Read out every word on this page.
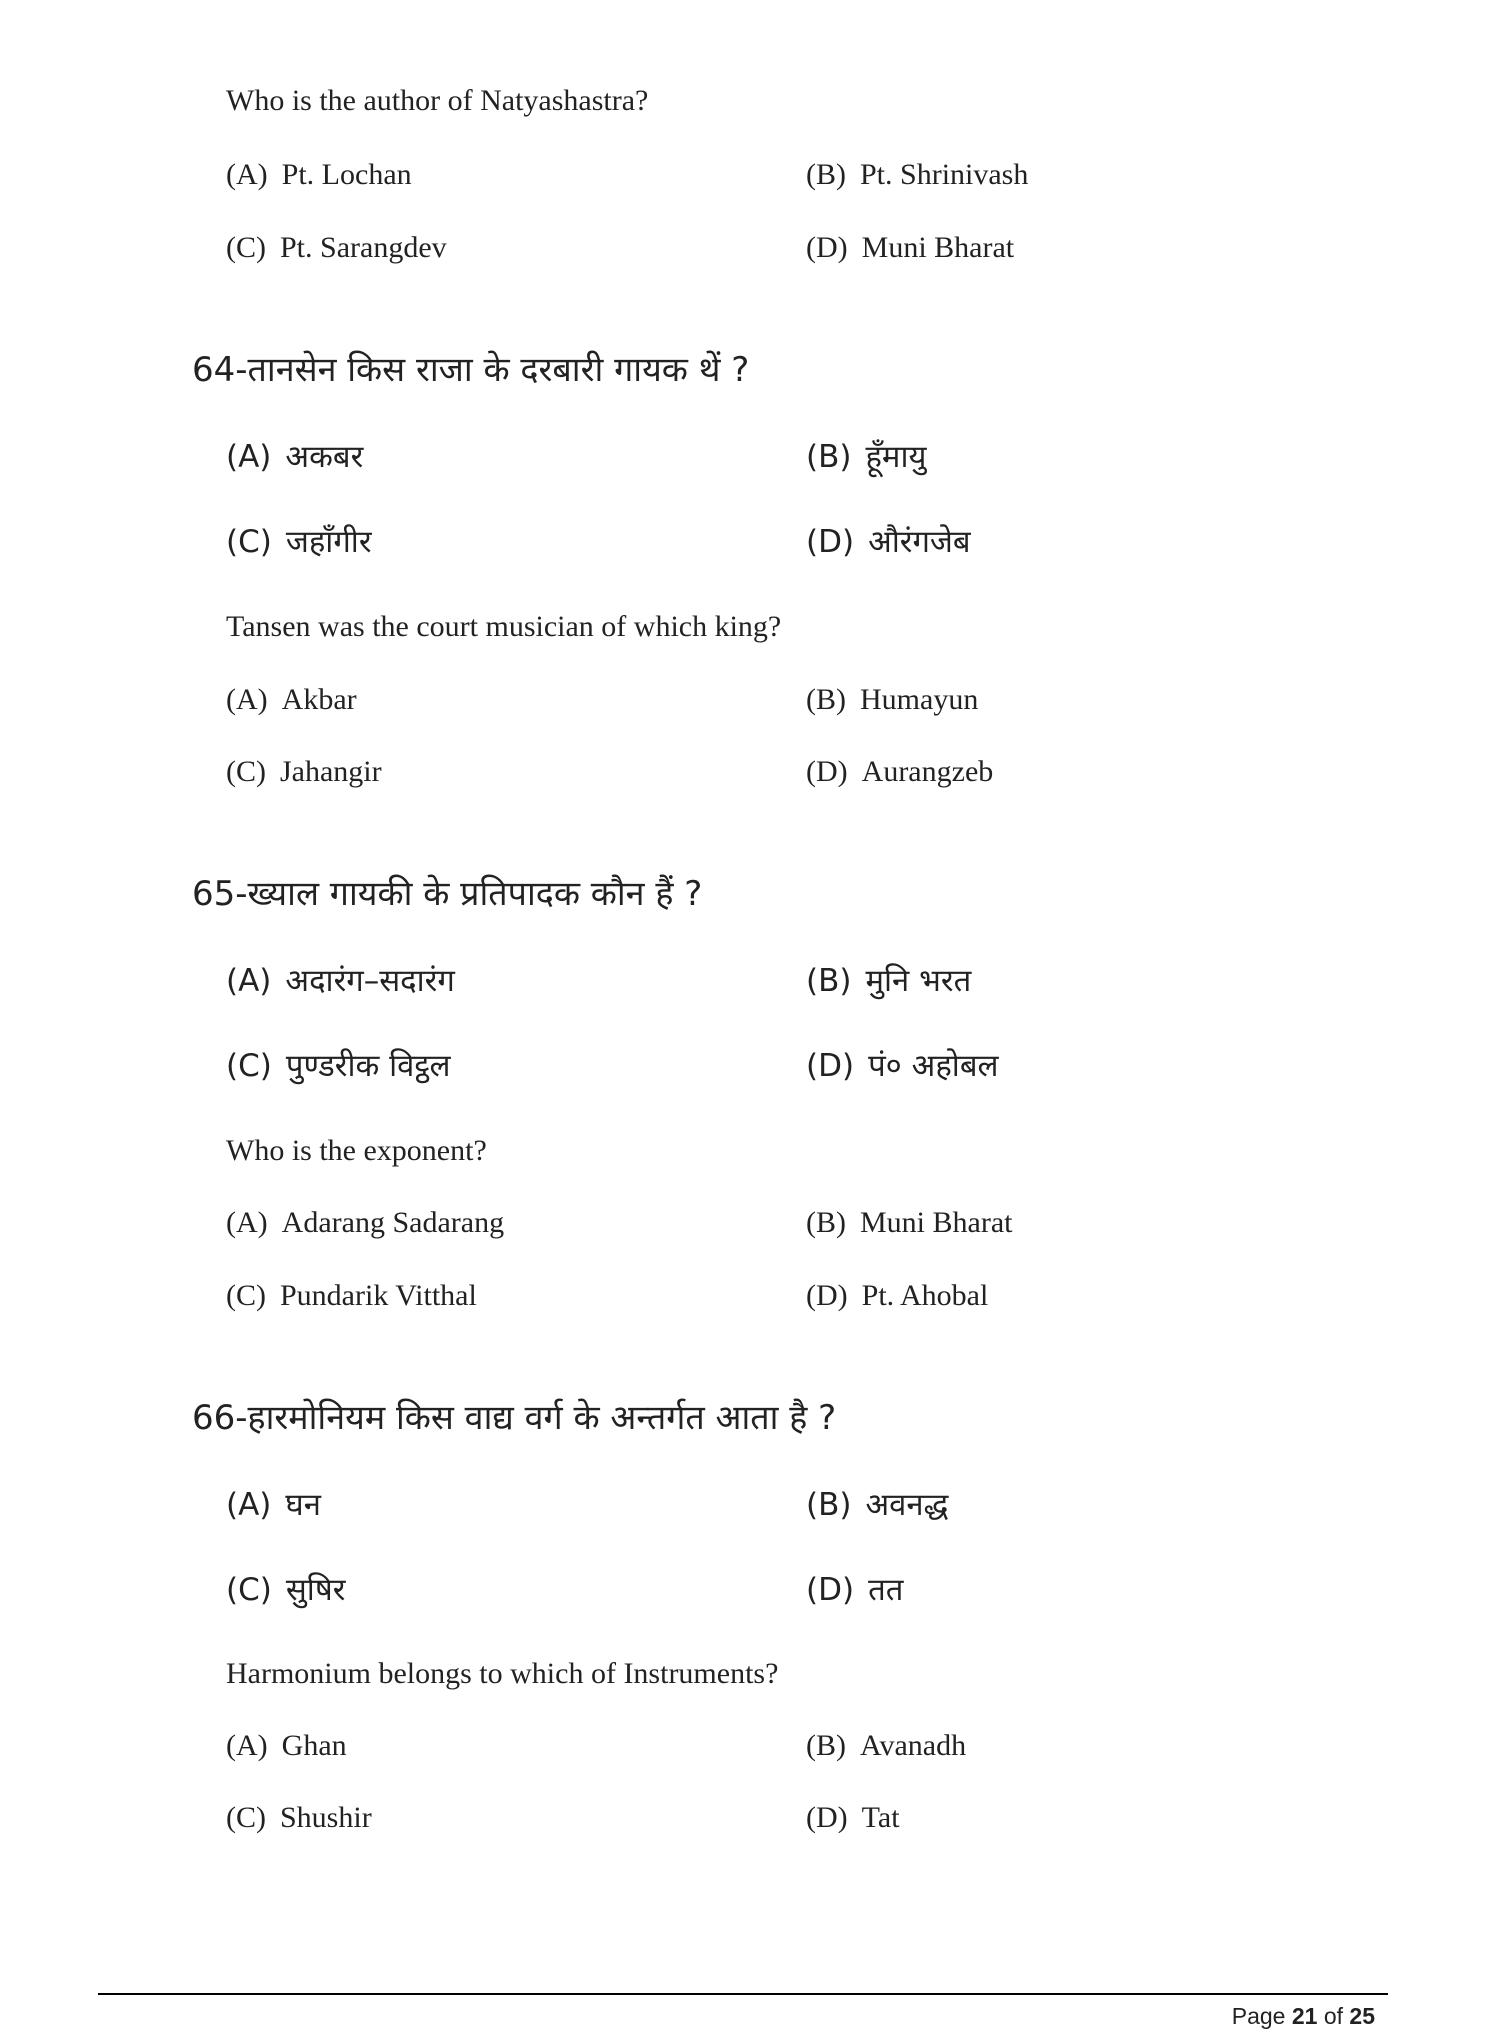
Who is the author of Natyashastra?
(A) Pt. Lochan	(B) Pt. Shrinivash
(C) Pt. Sarangdev	(D) Muni Bharat
64-तानसेन किस राजा के दरबारी गायक थें ?
(A) अकबर	(B) हूँमायु
(C) जहाँगीर	(D) औरंगजेब
Tansen was the court musician of which king?
(A) Akbar	(B) Humayun
(C) Jahangir	(D) Aurangzeb
65-ख्याल गायकी के प्रतिपादक कौन हैं ?
(A) अदारंग–सदारंग	(B) मुनि भरत
(C) पुण्डरीक विट्ठल	(D) पं० अहोबल
Who is the exponent?
(A) Adarang Sadarang	(B) Muni Bharat
(C) Pundarik Vitthal	(D) Pt. Ahobal
66-हारमोनियम किस वाद्य वर्ग के अन्तर्गत आता है ?
(A) घन	(B) अवनद्ध
(C) सुषिर	(D) तत
Harmonium belongs to which of Instruments?
(A) Ghan	(B) Avanadh
(C) Shushir	(D) Tat
Page 21 of 25
